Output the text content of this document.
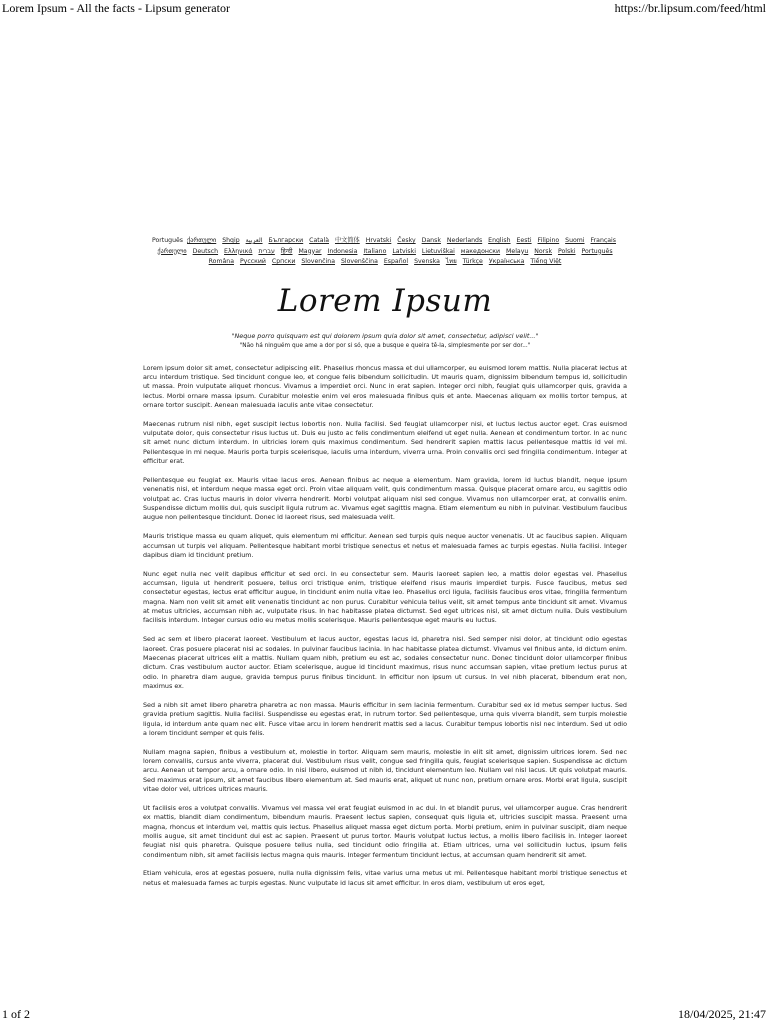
Lorem Ipsum - All the facts - Lipsum generator	https://br.lipsum.com/feed/html
Português ქართული Shqip العربية Български Català 中文简体 Hrvatski Česky Dansk Nederlands English Eesti Filipino Suomi Français ქართული Deutsch Ελληνικά עברית हिन्दी Magyar Indonesia Italiano Latviski Lietuviškai македонски Melayu Norsk Polski Português Româna Pyccкий Српски Slovenčina Slovenščina Español Svenska ไทย Türkçe Українська Tiếng Việt
Lorem Ipsum
"Neque porro quisquam est qui dolorem ipsum quia dolor sit amet, consectetur, adipisci velit..."
"Não há ninguém que ame a dor por si só, que a busque e queira tê-la, simplesmente por ser dor..."

Lorem ipsum dolor sit amet, consectetur adipiscing elit. Phasellus rhoncus massa et dui ullamcorper, eu euismod lorem mattis. Nulla placerat lectus at arcu interdum tristique. Sed tincidunt congue leo, et congue felis bibendum sollicitudin. Ut mauris quam, dignissim bibendum tempus id, sollicitudin ut massa. Proin vulputate aliquet rhoncus. Vivamus a imperdiet orci. Nunc in erat sapien. Integer orci nibh, feugiat quis ullamcorper quis, gravida a lectus. Morbi ornare massa ipsum. Curabitur molestie enim vel eros malesuada finibus quis et ante. Maecenas aliquam ex mollis tortor tempus, at ornare tortor suscipit. Aenean malesuada iaculis ante vitae consectetur.

Maecenas rutrum nisl nibh, eget suscipit lectus lobortis non. Nulla facilisi. Sed feugiat ullamcorper nisi, et luctus lectus auctor eget. Cras euismod vulputate dolor, quis consectetur risus luctus ut. Duis eu justo ac felis condimentum eleifend ut eget nulla. Aenean et condimentum tortor. In ac nunc sit amet nunc dictum interdum. In ultricies lorem quis maximus condimentum. Sed hendrerit sapien mattis lacus pellentesque mattis id vel mi. Pellentesque in mi neque. Mauris porta turpis scelerisque, iaculis urna interdum, viverra urna. Proin convallis orci sed fringilla condimentum. Integer at efficitur erat.

Pellentesque eu feugiat ex. Mauris vitae lacus eros. Aenean finibus ac neque a elementum. Nam gravida, lorem id luctus blandit, neque ipsum venenatis nisi, et interdum neque massa eget orci. Proin vitae aliquam velit, quis condimentum massa. Quisque placerat ornare arcu, eu sagittis odio volutpat ac. Cras luctus mauris in dolor viverra hendrerit. Morbi volutpat aliquam nisl sed congue. Vivamus non ullamcorper erat, at convallis enim. Suspendisse dictum mollis dui, quis suscipit ligula rutrum ac. Vivamus eget sagittis magna. Etiam elementum eu nibh in pulvinar. Vestibulum faucibus augue non pellentesque tincidunt. Donec id laoreet risus, sed malesuada velit.

Mauris tristique massa eu quam aliquet, quis elementum mi efficitur. Aenean sed turpis quis neque auctor venenatis. Ut ac faucibus sapien. Aliquam accumsan ut turpis vel aliquam. Pellentesque habitant morbi tristique senectus et netus et malesuada fames ac turpis egestas. Nulla facilisi. Integer dapibus diam id tincidunt pretium.

Nunc eget nulla nec velit dapibus efficitur et sed orci. In eu consectetur sem. Mauris laoreet sapien leo, a mattis dolor egestas vel. Phasellus accumsan, ligula ut hendrerit posuere, tellus orci tristique enim, tristique eleifend risus mauris imperdiet turpis. Fusce faucibus, metus sed consectetur egestas, lectus erat efficitur augue, in tincidunt enim nulla vitae leo. Phasellus orci ligula, facilisis faucibus eros vitae, fringilla fermentum magna. Nam non velit sit amet elit venenatis tincidunt ac non purus. Curabitur vehicula tellus velit, sit amet tempus ante tincidunt sit amet. Vivamus at metus ultricies, accumsan nibh ac, vulputate risus. In hac habitasse platea dictumst. Sed eget ultrices nisl, sit amet dictum nulla. Duis vestibulum facilisis interdum. Integer cursus odio eu metus mollis scelerisque. Mauris pellentesque eget mauris eu luctus.

Sed ac sem et libero placerat laoreet. Vestibulum et lacus auctor, egestas lacus id, pharetra nisl. Sed semper nisi dolor, at tincidunt odio egestas laoreet. Cras posuere placerat nisi ac sodales. In pulvinar faucibus lacinia. In hac habitasse platea dictumst. Vivamus vel finibus ante, id dictum enim. Maecenas placerat ultrices elit a mattis. Nullam quam nibh, pretium eu est ac, sodales consectetur nunc. Donec tincidunt dolor ullamcorper finibus dictum. Cras vestibulum auctor auctor. Etiam scelerisque, augue id tincidunt maximus, risus nunc accumsan sapien, vitae pretium lectus purus at odio. In pharetra diam augue, gravida tempus purus finibus tincidunt. In efficitur non ipsum ut cursus. In vel nibh placerat, bibendum erat non, maximus ex.

Sed a nibh sit amet libero pharetra pharetra ac non massa. Mauris efficitur in sem lacinia fermentum. Curabitur sed ex id metus semper luctus. Sed gravida pretium sagittis. Nulla facilisi. Suspendisse eu egestas erat, in rutrum tortor. Sed pellentesque, urna quis viverra blandit, sem turpis molestie ligula, id interdum ante quam nec elit. Fusce vitae arcu in lorem hendrerit mattis sed a lacus. Curabitur tempus lobortis nisl nec interdum. Sed ut odio a lorem tincidunt semper et quis felis.

Nullam magna sapien, finibus a vestibulum et, molestie in tortor. Aliquam sem mauris, molestie in elit sit amet, dignissim ultrices lorem. Sed nec lorem convallis, cursus ante viverra, placerat dui. Vestibulum risus velit, congue sed fringilla quis, feugiat scelerisque sapien. Suspendisse ac dictum arcu. Aenean ut tempor arcu, a ornare odio. In nisi libero, euismod ut nibh id, tincidunt elementum leo. Nullam vel nisl lacus. Ut quis volutpat mauris. Sed maximus erat ipsum, sit amet faucibus libero elementum at. Sed mauris erat, aliquet ut nunc non, pretium ornare eros. Morbi erat ligula, suscipit vitae dolor vel, ultrices ultrices mauris.

Ut facilisis eros a volutpat convallis. Vivamus vel massa vel erat feugiat euismod in ac dui. In et blandit purus, vel ullamcorper augue. Cras hendrerit ex mattis, blandit diam condimentum, bibendum mauris. Praesent lectus sapien, consequat quis ligula et, ultricies suscipit massa. Praesent urna magna, rhoncus et interdum vel, mattis quis lectus. Phasellus aliquet massa eget dictum porta. Morbi pretium, enim in pulvinar suscipit, diam neque mollis augue, sit amet tincidunt dui est ac sapien. Praesent ut purus tortor. Mauris volutpat luctus lectus, a mollis libero facilisis in. Integer laoreet feugiat nisl quis pharetra. Quisque posuere tellus nulla, sed tincidunt odio fringilla at. Etiam ultrices, urna vel sollicitudin luctus, ipsum felis condimentum nibh, sit amet facilisis lectus magna quis mauris. Integer fermentum tincidunt lectus, at accumsan quam hendrerit sit amet.

Etiam vehicula, eros at egestas posuere, nulla nulla dignissim felis, vitae varius urna metus ut mi. Pellentesque habitant morbi tristique senectus et netus et malesuada fames ac turpis egestas. Nunc vulputate id lacus sit amet efficitur. In eros diam, vestibulum ut eros eget,

1 of 2	18/04/2025, 21:47
